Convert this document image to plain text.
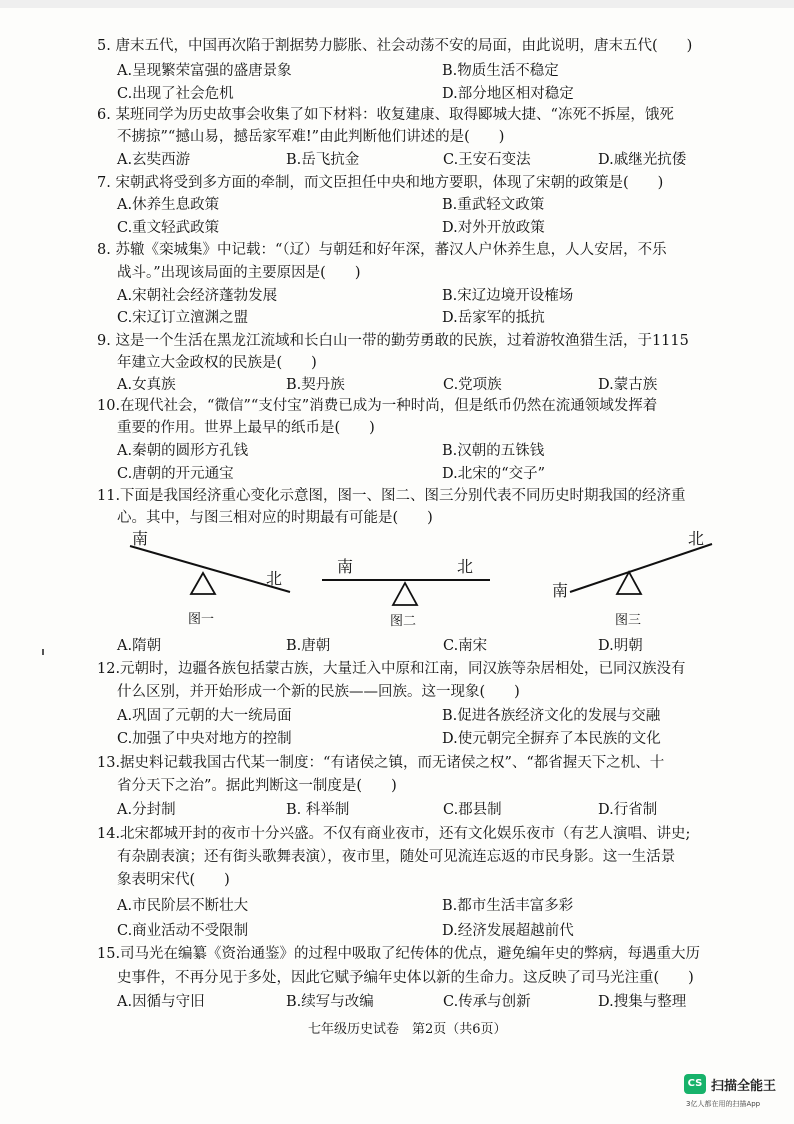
5. 唐末五代，中国再次陷于割据势力膨胀、社会动荡不安的局面，由此说明，唐末五代(　　)
A.呈现繁荣富强的盛唐景象	B.物质生活不稳定
C.出现了社会危机	D.部分地区相对稳定
6. 某班同学为历史故事会收集了如下材料：收复建康、取得郾城大捷、“冻死不拆屋，饿死
不掳掠”“撼山易，撼岳家军难!”由此判断他们讲述的是(　　)
A.玄奘西游	B.岳飞抗金	C.王安石变法	D.戚继光抗倭
7. 宋朝武将受到多方面的牵制，而文臣担任中央和地方要职，体现了宋朝的政策是(　　)
A.休养生息政策	B.重武轻文政策
C.重文轻武政策	D.对外开放政策
8. 苏辙《栾城集》中记载：“（辽）与朝廷和好年深，蕃汉人户休养生息，人人安居，不乐
战斗。”出现该局面的主要原因是(　　)
A.宋朝社会经济蓬勃发展	B.宋辽边境开设榷场
C.宋辽订立澶渊之盟	D.岳家军的抵抗
9. 这是一个生活在黑龙江流域和长白山一带的勤劳勇敢的民族，过着游牧渔猎生活，于1115
年建立大金政权的民族是(　　)
A.女真族	B.契丹族	C.党项族	D.蒙古族
10.在现代社会，“微信”“支付宝”消费已成为一种时尚，但是纸币仍然在流通领域发挥着
重要的作用。世界上最早的纸币是(　　)
A.秦朝的圆形方孔钱	B.汉朝的五铢钱
C.唐朝的开元通宝	D.北宋的“交子”
11.下面是我国经济重心变化示意图，图一、图二、图三分别代表不同历史时期我国的经济重
心。其中，与图三相对应的时期最有可能是(　　)
南
北
图一
南	北
图二
南
北
图三
A.隋朝	B.唐朝	C.南宋	D.明朝
12.元朝时，边疆各族包括蒙古族，大量迁入中原和江南，同汉族等杂居相处，已同汉族没有
什么区别，并开始形成一个新的民族——回族。这一现象(　　)
A.巩固了元朝的大一统局面	B.促进各族经济文化的发展与交融
C.加强了中央对地方的控制	D.使元朝完全摒弃了本民族的文化
13.据史料记载我国古代某一制度：“有诸侯之镇，而无诸侯之权”、“都省握天下之机、十
省分天下之治”。据此判断这一制度是(　　)
A.分封制	B. 科举制	C.郡县制	D.行省制
14.北宋都城开封的夜市十分兴盛。不仅有商业夜市，还有文化娱乐夜市（有艺人演唱、讲史;
有杂剧表演；还有街头歌舞表演），夜市里，随处可见流连忘返的市民身影。这一生活景
象表明宋代(　　)
A.市民阶层不断壮大	B.都市生活丰富多彩
C.商业活动不受限制	D.经济发展超越前代
15.司马光在编纂《资治通鉴》的过程中吸取了纪传体的优点，避免编年史的弊病，每遇重大历
史事件，不再分见于多处，因此它赋予编年史体以新的生命力。这反映了司马光注重(　　)
A.因循与守旧	B.续写与改编	C.传承与创新	D.搜集与整理
七年级历史试卷　第2页（共6页）
CS 扫描全能王
3亿人都在用的扫描App
